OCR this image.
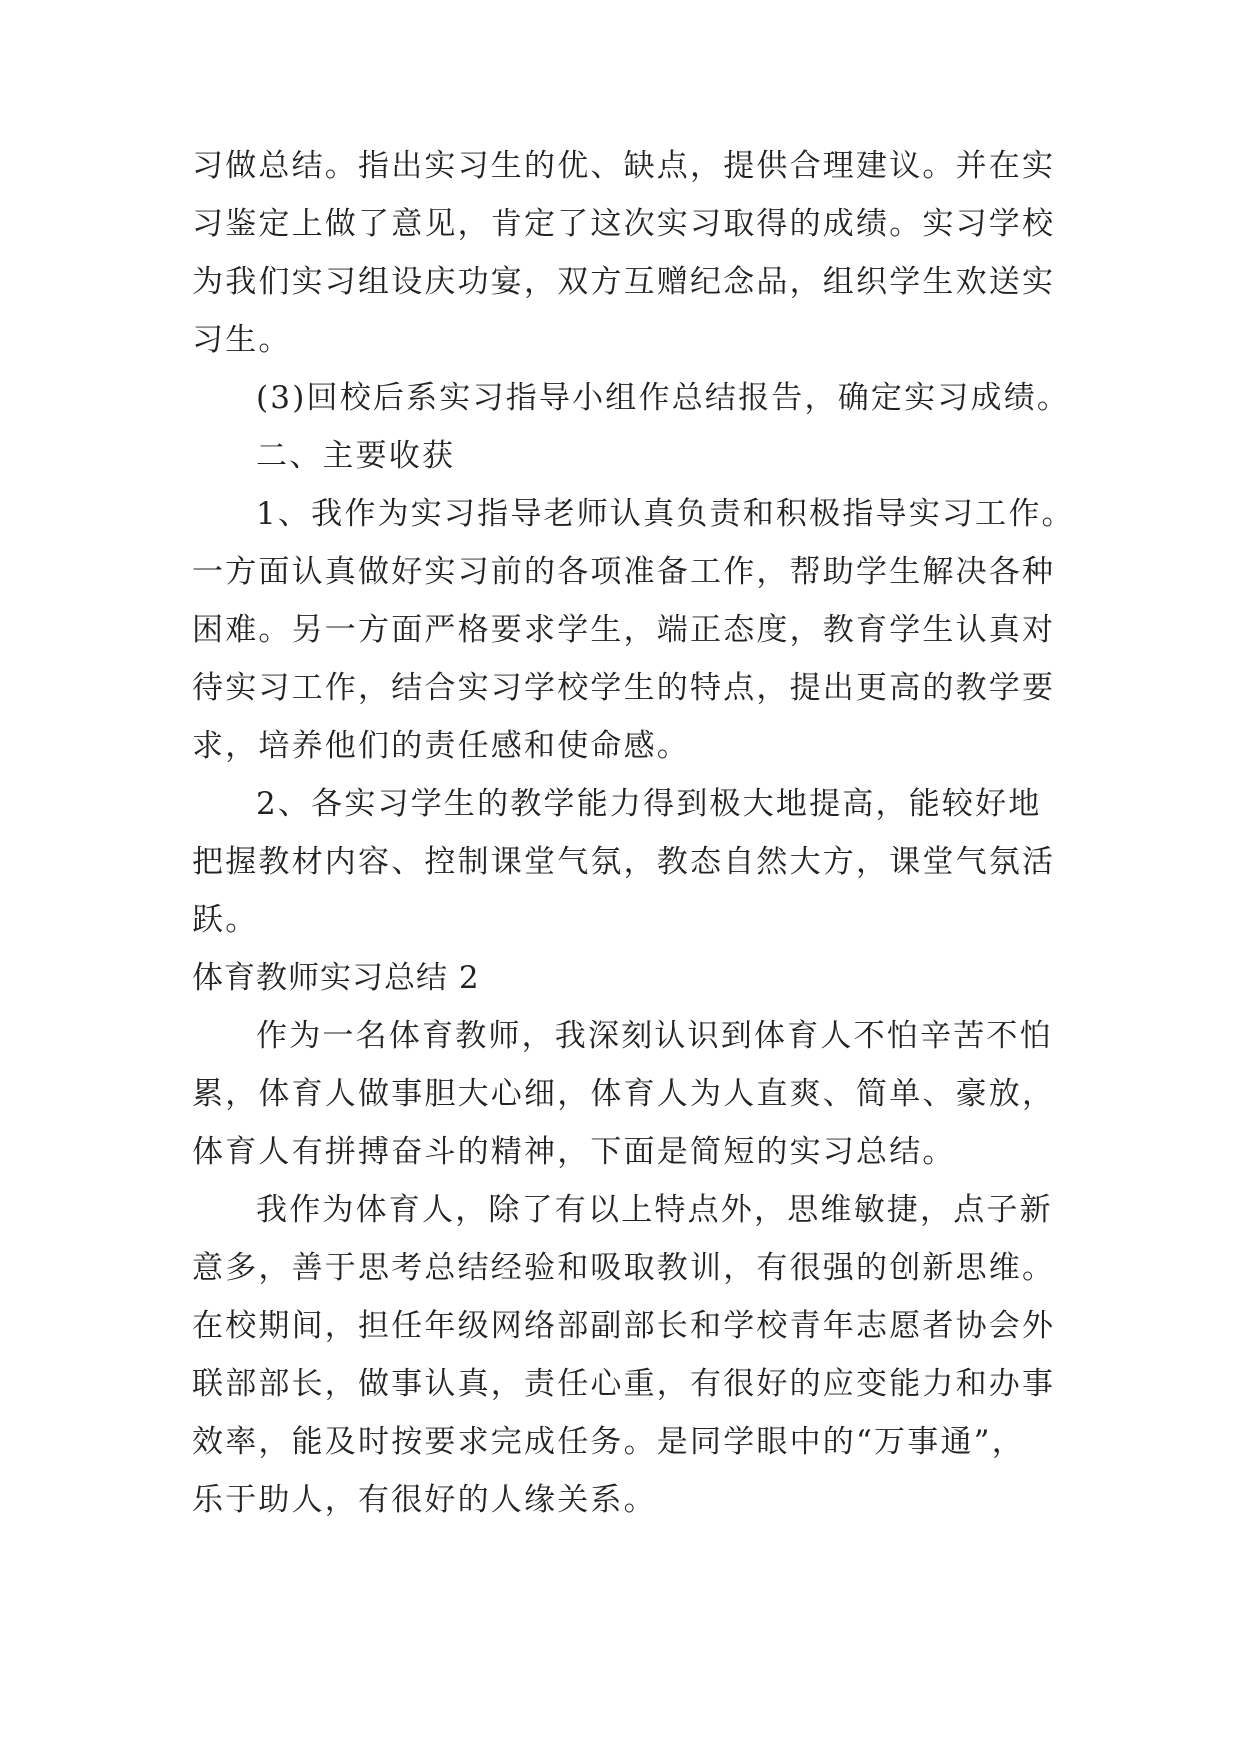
习做总结。指出实习生的优、缺点，提供合理建议。并在实

习鉴定上做了意见，肯定了这次实习取得的成绩。实习学校

为我们实习组设庆功宴，双方互赠纪念品，组织学生欢送实

习生。

(3)回校后系实习指导小组作总结报告，确定实习成绩。

二、主要收获

1、我作为实习指导老师认真负责和积极指导实习工作。

一方面认真做好实习前的各项准备工作，帮助学生解决各种

困难。另一方面严格要求学生，端正态度，教育学生认真对

待实习工作，结合实习学校学生的特点，提出更高的教学要

求，培养他们的责任感和使命感。

2、各实习学生的教学能力得到极大地提高，能较好地

把握教材内容、控制课堂气氛，教态自然大方，课堂气氛活

跃。

体育教师实习总结 2

作为一名体育教师，我深刻认识到体育人不怕辛苦不怕

累，体育人做事胆大心细，体育人为人直爽、简单、豪放，

体育人有拼搏奋斗的精神，下面是简短的实习总结。

我作为体育人，除了有以上特点外，思维敏捷，点子新

意多，善于思考总结经验和吸取教训，有很强的创新思维。

在校期间，担任年级网络部副部长和学校青年志愿者协会外

联部部长，做事认真，责任心重，有很好的应变能力和办事

效率，能及时按要求完成任务。是同学眼中的“万事通”，

乐于助人，有很好的人缘关系。
